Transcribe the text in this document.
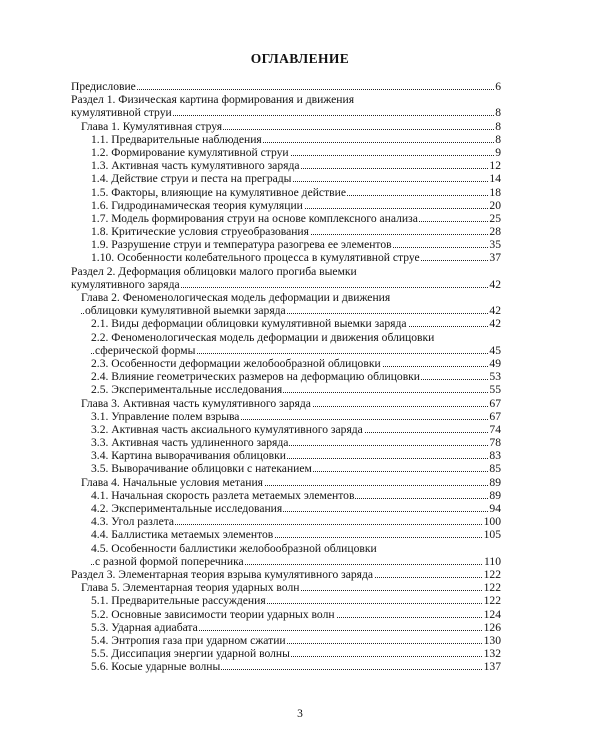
ОГЛАВЛЕНИЕ
Предисловие	6
Раздел 1. Физическая картина формирования и движения
кумулятивной струи	8
Глава 1. Кумулятивная струя	8
1.1. Предварительные наблюдения	8
1.2. Формирование кумулятивной струи	9
1.3. Активная часть кумулятивного заряда	12
1.4. Действие струи и песта на преграды	14
1.5. Факторы, влияющие на кумулятивное действие	18
1.6. Гидродинамическая теория кумуляции	20
1.7. Модель формирования струи на основе комплексного анализа	25
1.8. Критические условия струеобразования	28
1.9. Разрушение струи и температура разогрева ее элементов	35
1.10. Особенности колебательного процесса в кумулятивной струе	37
Раздел 2. Деформация облицовки малого прогиба выемки
кумулятивного заряда	42
Глава 2. Феноменологическая модель деформации и движения
облицовки кумулятивной выемки заряда	42
2.1. Виды деформации облицовки кумулятивной выемки заряда	42
2.2. Феноменологическая модель деформации и движения облицовки
сферической формы	45
2.3. Особенности деформации желобообразной облицовки	49
2.4. Влияние геометрических размеров на деформацию облицовки	53
2.5. Экспериментальные исследования	55
Глава 3. Активная часть кумулятивного заряда	67
3.1. Управление полем взрыва	67
3.2. Активная часть аксиального кумулятивного заряда	74
3.3. Активная часть удлиненного заряда	78
3.4. Картина выворачивания облицовки	83
3.5. Выворачивание облицовки с натеканием	85
Глава 4. Начальные условия метания	89
4.1. Начальная скорость разлета метаемых элементов	89
4.2. Экспериментальные исследования	94
4.3. Угол разлета	100
4.4. Баллистика метаемых элементов	105
4.5. Особенности баллистики желобообразной облицовки
с разной формой поперечника	110
Раздел 3. Элементарная теория взрыва кумулятивного заряда	122
Глава 5. Элементарная теория ударных волн	122
5.1. Предварительные рассуждения	122
5.2. Основные зависимости теории ударных волн	124
5.3. Ударная адиабата	126
5.4. Энтропия газа при ударном сжатии	130
5.5. Диссипация энергии ударной волны	132
5.6. Косые ударные волны	137
3
